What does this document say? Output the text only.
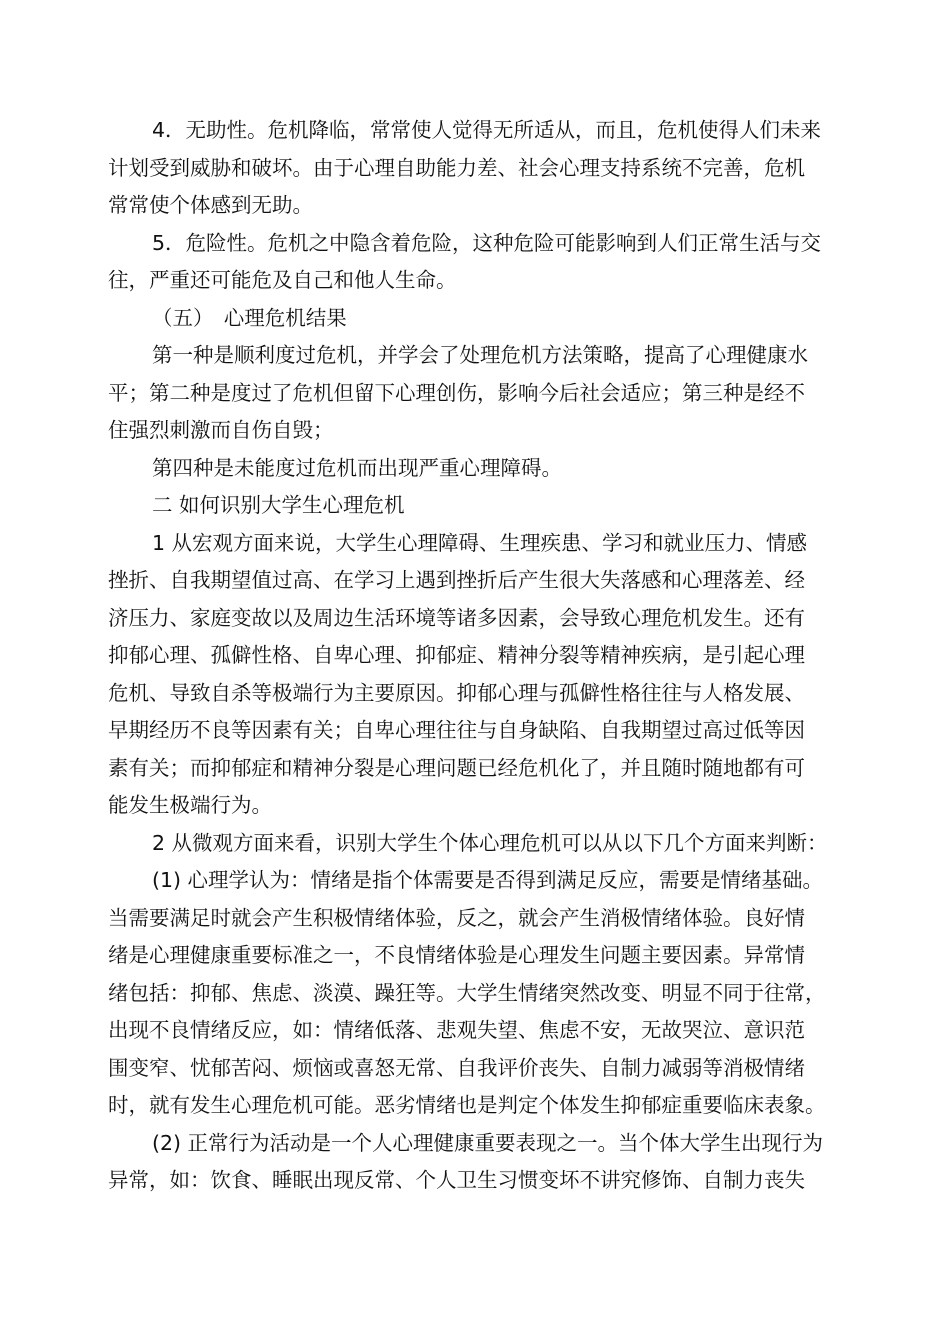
4．无助性。危机降临，常常使人觉得无所适从，而且，危机使得人们未来
计划受到威胁和破坏。由于心理自助能力差、社会心理支持系统不完善，危机
常常使个体感到无助。
5．危险性。危机之中隐含着危险，这种危险可能影响到人们正常生活与交
往，严重还可能危及自己和他人生命。
（五）　心理危机结果
第一种是顺利度过危机，并学会了处理危机方法策略，提高了心理健康水
平；第二种是度过了危机但留下心理创伤，影响今后社会适应；第三种是经不
住强烈刺激而自伤自毁；
第四种是未能度过危机而出现严重心理障碍。
二 如何识别大学生心理危机
1 从宏观方面来说，大学生心理障碍、生理疾患、学习和就业压力、情感
挫折、自我期望值过高、在学习上遇到挫折后产生很大失落感和心理落差、经
济压力、家庭变故以及周边生活环境等诸多因素，会导致心理危机发生。还有
抑郁心理、孤僻性格、自卑心理、抑郁症、精神分裂等精神疾病，是引起心理
危机、导致自杀等极端行为主要原因。抑郁心理与孤僻性格往往与人格发展、
早期经历不良等因素有关；自卑心理往往与自身缺陷、自我期望过高过低等因
素有关；而抑郁症和精神分裂是心理问题已经危机化了，并且随时随地都有可
能发生极端行为。
2 从微观方面来看，识别大学生个体心理危机可以从以下几个方面来判断：
(1) 心理学认为：情绪是指个体需要是否得到满足反应，需要是情绪基础。
当需要满足时就会产生积极情绪体验，反之，就会产生消极情绪体验。良好情
绪是心理健康重要标准之一，不良情绪体验是心理发生问题主要因素。异常情
绪包括：抑郁、焦虑、淡漠、躁狂等。大学生情绪突然改变、明显不同于往常，
出现不良情绪反应，如：情绪低落、悲观失望、焦虑不安，无故哭泣、意识范
围变窄、忧郁苦闷、烦恼或喜怒无常、自我评价丧失、自制力减弱等消极情绪
时，就有发生心理危机可能。恶劣情绪也是判定个体发生抑郁症重要临床表象。
(2) 正常行为活动是一个人心理健康重要表现之一。当个体大学生出现行为
异常，如：饮食、睡眠出现反常、个人卫生习惯变坏不讲究修饰、自制力丧失
